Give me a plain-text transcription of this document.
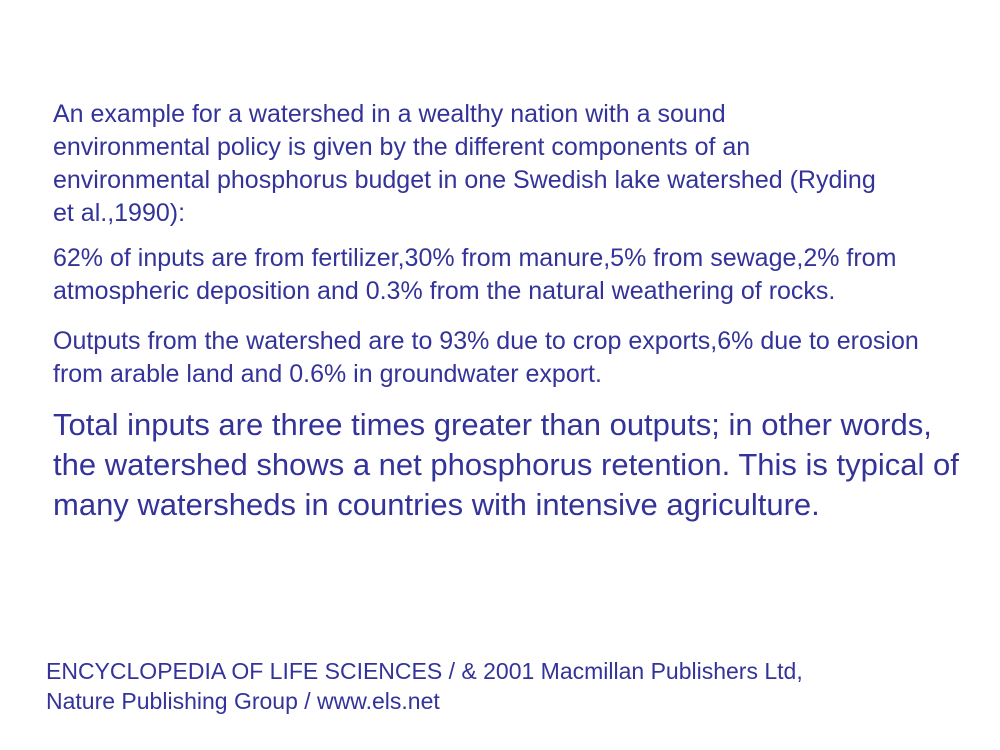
An example for a watershed in a wealthy nation with a sound environmental policy is given by the different components of an environmental phosphorus budget in one Swedish lake watershed (Ryding et al.,1990):

62% of inputs are from fertilizer,30% from manure,5% from sewage,2% from atmospheric deposition and 0.3% from the natural weathering of rocks.

Outputs from the watershed are to 93% due to crop exports,6% due to erosion from arable land and 0.6% in groundwater export.

Total inputs are three times greater than outputs; in other words, the watershed shows a net phosphorus retention. This is typical of many watersheds in countries with intensive agriculture.

ENCYCLOPEDIA OF LIFE SCIENCES / & 2001 Macmillan Publishers Ltd,
Nature Publishing Group / www.els.net
